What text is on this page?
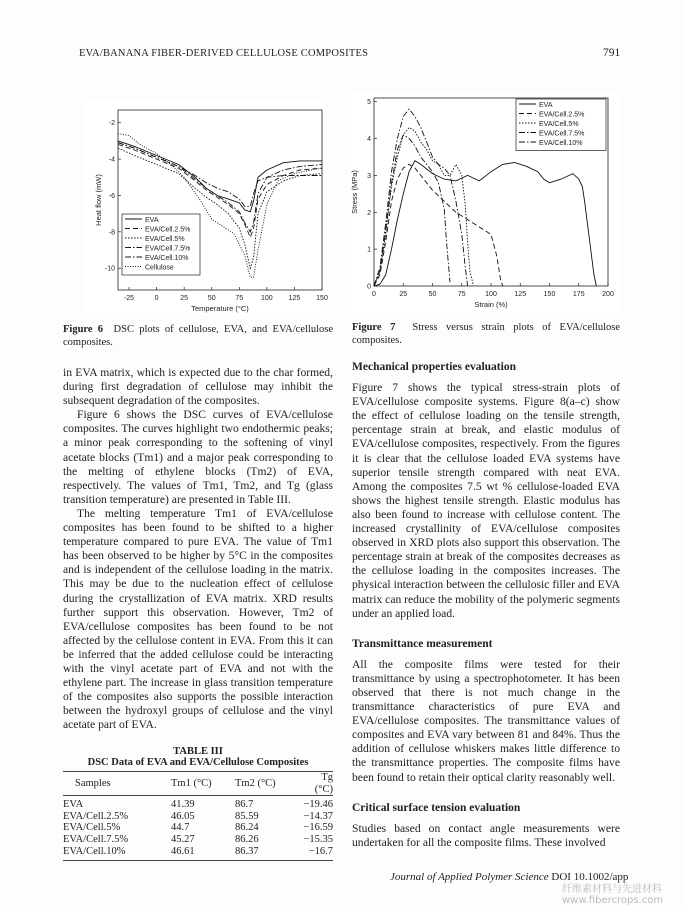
EVA/BANANA FIBER-DERIVED CELLULOSE COMPOSITES	791
-25	0	25	50	75	100 125 150
-2
-4
-6
-8
-10
Temperature (°C)
Heat flow (mW)	EVA
EVA/Cell.2.5%
EVA/Cell.5%
EVA/Cell.7.5%
EVA/Cell.10%
Cellulose
Figure 6 DSC plots of cellulose, EVA, and EVA/cellulose composites.
0	25	50	75	100	125	150	175	200
0
1
2
3
4
5
Strain (%)
Stress (MPa)
EVA
EVA/Cell.2.5%
EVA/Cell.5%
EVA/Cell.7.5%
EVA/Cell.10%
Figure 7 Stress versus strain plots of EVA/cellulose composites.

in EVA matrix, which is expected due to the char formed, during first degradation of cellulose may inhibit the subsequent degradation of the composites.

Figure 6 shows the DSC curves of EVA/cellulose composites. The curves highlight two endothermic peaks; a minor peak corresponding to the softening of vinyl acetate blocks (Tm1) and a major peak corresponding to the melting of ethylene blocks (Tm2) of EVA, respectively. The values of Tm1, Tm2, and Tg (glass transition temperature) are presented in Table III.

The melting temperature Tm1 of EVA/cellulose composites has been found to be shifted to a higher temperature compared to pure EVA. The value of Tm1 has been observed to be higher by 5°C in the composites and is independent of the cellulose loading in the matrix. This may be due to the nucleation effect of cellulose during the crystallization of EVA matrix. XRD results further support this observation. However, Tm2 of EVA/cellulose composites has been found to be not affected by the cellulose content in EVA. From this it can be inferred that the added cellulose could be interacting with the vinyl acetate part of EVA and not with the ethylene part. The increase in glass transition temperature of the composites also supports the possible interaction between the hydroxyl groups of cellulose and the vinyl acetate part of EVA.

TABLE III
DSC Data of EVA and EVA/Cellulose Composites
Samples	Tm1 (°C)	Tm2 (°C)	Tg (°C)
EVA	41.39	86.7	−19.46
EVA/Cell.2.5%	46.05	85.59	−14.37
EVA/Cell.5%	44.7	86.24	−16.59
EVA/Cell.7.5%	45.27	86.26	−15.35
EVA/Cell.10%	46.61	86.37	−16.7
Mechanical properties evaluation

Figure 7 shows the typical stress-strain plots of EVA/cellulose composite systems. Figure 8(a–c) show the effect of cellulose loading on the tensile strength, percentage strain at break, and elastic modulus of EVA/cellulose composites, respectively. From the figures it is clear that the cellulose loaded EVA systems have superior tensile strength compared with neat EVA. Among the composites 7.5 wt % cellulose-loaded EVA shows the highest tensile strength. Elastic modulus has also been found to increase with cellulose content. The increased crystallinity of EVA/cellulose composites observed in XRD plots also support this observation. The percentage strain at break of the composites decreases as the cellulose loading in the composites increases. The physical interaction between the cellulosic filler and EVA matrix can reduce the mobility of the polymeric segments under an applied load.

Transmittance measurement

All the composite films were tested for their transmittance by using a spectrophotometer. It has been observed that there is not much change in the transmittance characteristics of pure EVA and EVA/cellulose composites. The transmittance values of composites and EVA vary between 81 and 84%. Thus the addition of cellulose whiskers makes little difference to the transmittance properties. The composite films have been found to retain their optical clarity reasonably well.

Critical surface tension evaluation

Studies based on contact angle measurements were undertaken for all the composite films. These involved

Journal of Applied Polymer Science DOI 10.1002/app
纤维素材料与先进材料 www.fibercrops.com
